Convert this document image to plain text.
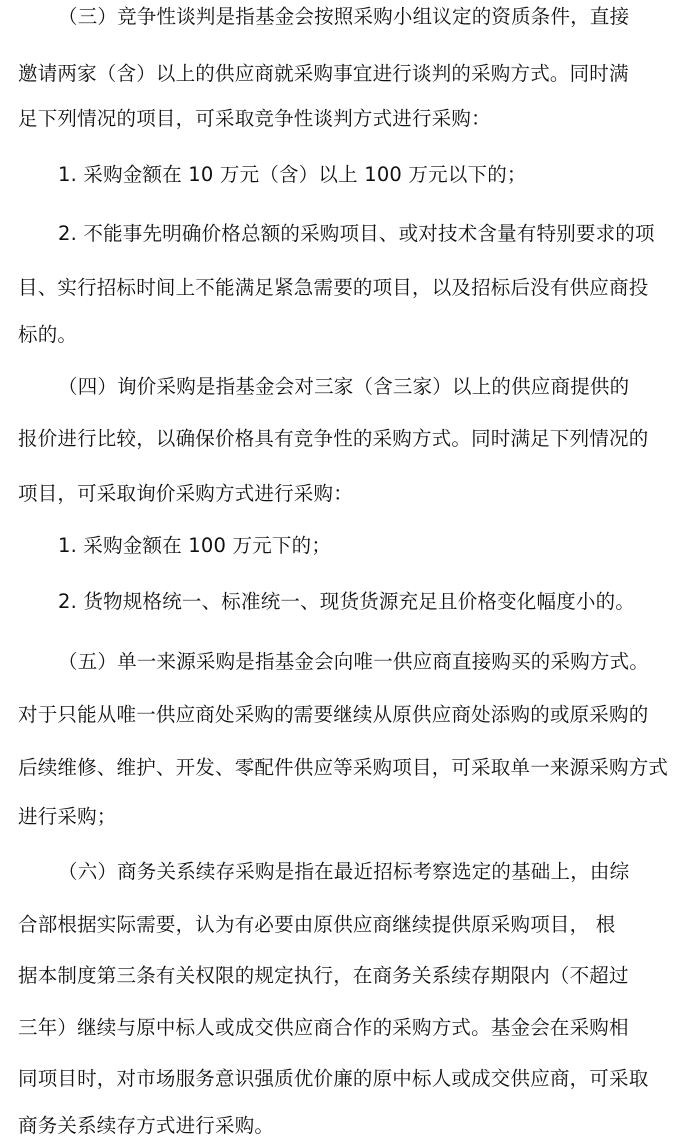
（三）竞争性谈判是指基金会按照采购小组议定的资质条件，直接
邀请两家（含）以上的供应商就采购事宜进行谈判的采购方式。同时满
足下列情况的项目，可采取竞争性谈判方式进行采购：
1. 采购金额在 10 万元（含）以上 100 万元以下的；
2. 不能事先明确价格总额的采购项目、或对技术含量有特别要求的项
目、实行招标时间上不能满足紧急需要的项目，以及招标后没有供应商投
标的。
（四）询价采购是指基金会对三家（含三家）以上的供应商提供的
报价进行比较，以确保价格具有竞争性的采购方式。同时满足下列情况的
项目，可采取询价采购方式进行采购：
1. 采购金额在 100 万元下的；
2. 货物规格统一、标准统一、现货货源充足且价格变化幅度小的。
（五）单一来源采购是指基金会向唯一供应商直接购买的采购方式。
对于只能从唯一供应商处采购的需要继续从原供应商处添购的或原采购的
后续维修、维护、开发、零配件供应等采购项目，可采取单一来源采购方式
进行采购；
（六）商务关系续存采购是指在最近招标考察选定的基础上，由综
合部根据实际需要，认为有必要由原供应商继续提供原采购项目， 根
据本制度第三条有关权限的规定执行，在商务关系续存期限内（不超过
三年）继续与原中标人或成交供应商合作的采购方式。基金会在采购相
同项目时，对市场服务意识强质优价廉的原中标人或成交供应商，可采取
商务关系续存方式进行采购。
